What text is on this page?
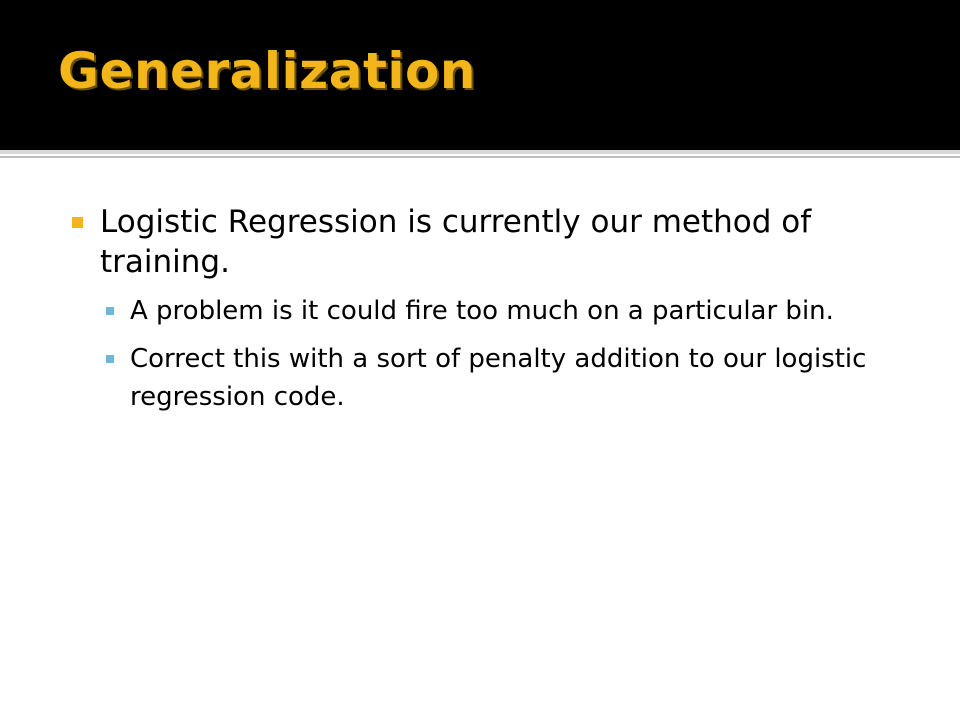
Generalization
Logistic Regression is currently our method of training.
A problem is it could fire too much on a particular bin.
Correct this with a sort of penalty addition to our logistic regression code.
